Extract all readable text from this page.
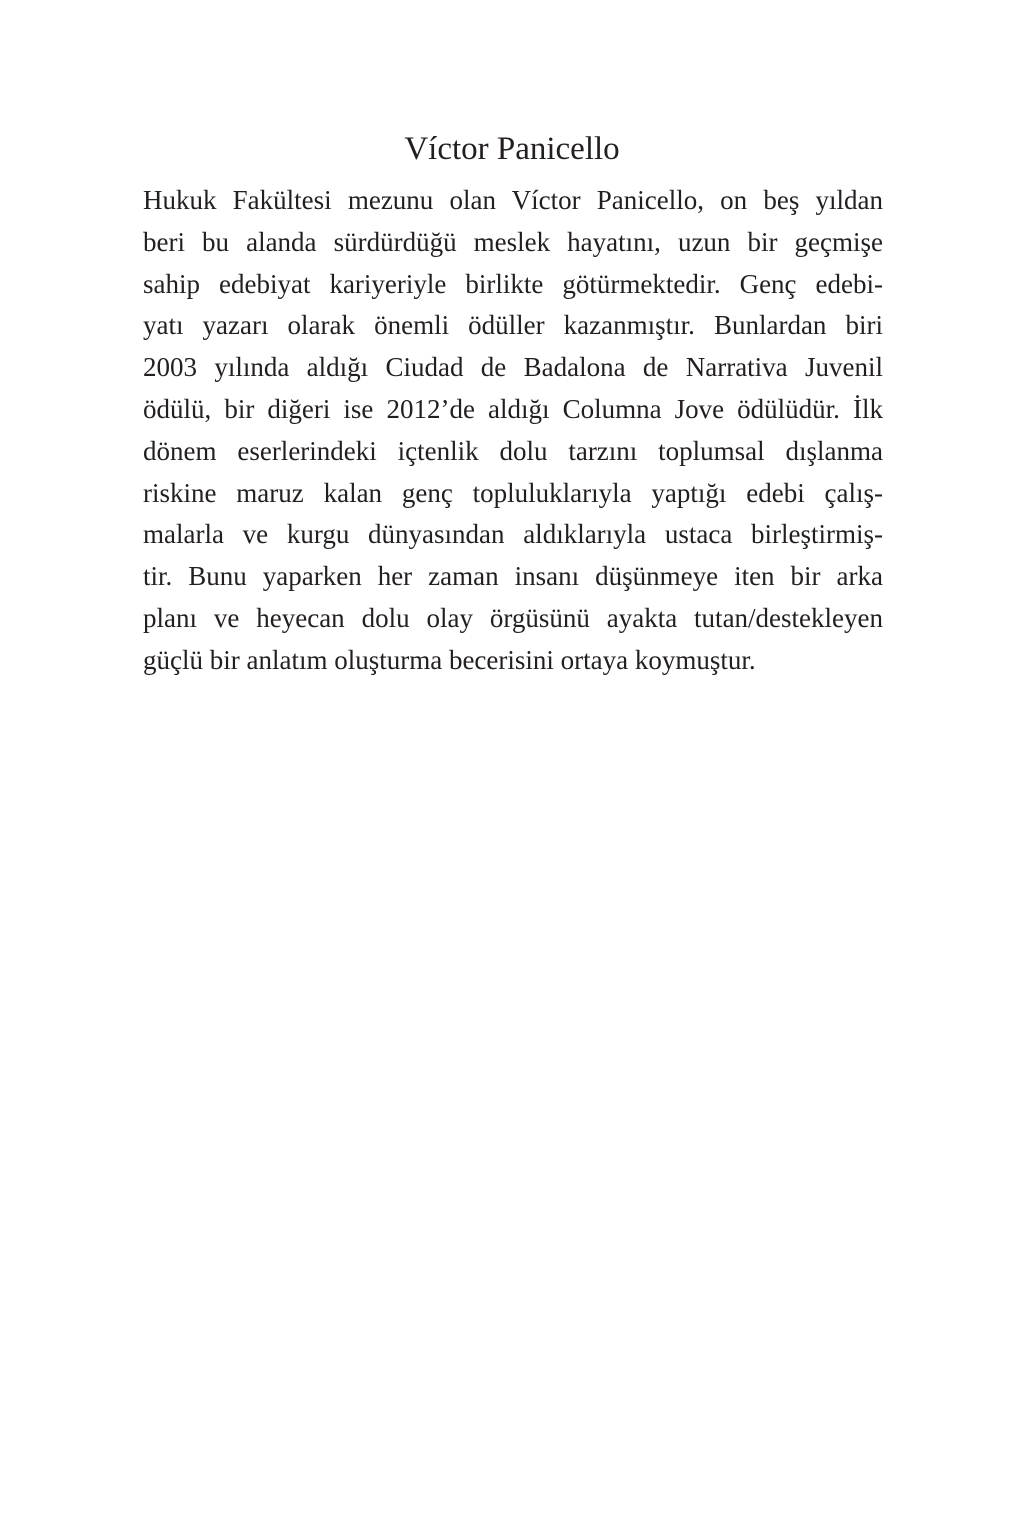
Víctor Panicello
Hukuk Fakültesi mezunu olan Víctor Panicello, on beş yıldan
beri bu alanda sürdürdüğü meslek hayatını, uzun bir geçmişe
sahip edebiyat kariyeriyle birlikte götürmektedir. Genç edebi-
yatı yazarı olarak önemli ödüller kazanmıştır. Bunlardan biri
2003 yılında aldığı Ciudad de Badalona de Narrativa Juvenil
ödülü, bir diğeri ise 2012’de aldığı Columna Jove ödülüdür. İlk
dönem eserlerindeki içtenlik dolu tarzını toplumsal dışlanma
riskine maruz kalan genç topluluklarıyla yaptığı edebi çalış-
malarla ve kurgu dünyasından aldıklarıyla ustaca birleştirmiş-
tir. Bunu yaparken her zaman insanı düşünmeye iten bir arka
planı ve heyecan dolu olay örgüsünü ayakta tutan/destekleyen
güçlü bir anlatım oluşturma becerisini ortaya koymuştur.
